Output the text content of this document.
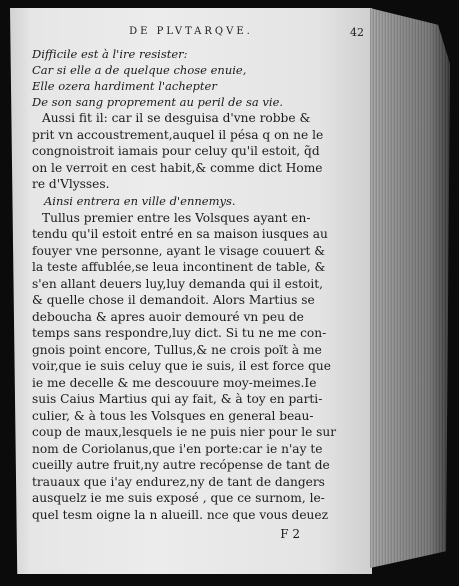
DE PLVTARQVE.	42
Difficile est à l'ire resister:
Car si elle a de quelque chose enuie,
Elle ozera hardiment l'achepter
De son sang proprement au peril de sa vie.
Aussi fit il: car il se desguisa d'vne robbe &
prit vn accoustrement,auquel il pésa q on ne le
congnoistroit iamais pour celuy qu'il estoit, q̃d
on le verroit en cest habit,& comme dict Home
re d'Vlysses.
Ainsi entrera en ville d'ennemys.
Tullus premier entre les Volsques ayant en-
tendu qu'il estoit entré en sa maison iusques au
fouyer vne personne, ayant le visage couuert &
la teste affublée,se leua incontinent de table, &
s'en allant deuers luy,luy demanda qui il estoit,
& quelle chose il demandoit. Alors Martius se
deboucha & apres auoir demouré vn peu de
temps sans respondre,luy dict. Si tu ne me con-
gnois point encore, Tullus,& ne crois poït à me
voir,que ie suis celuy que ie suis, il est force que
ie me decelle & me descouure moy-meimes.Ie
suis Caius Martius qui ay fait, & à toy en parti-
culier, & à tous les Volsques en general beau-
coup de maux,lesquels ie ne puis nier pour le sur
nom de Coriolanus,que i'en porte:car ie n'ay te
cueilly autre fruit,ny autre recópense de tant de
trauaux que i'ay endurez,ny de tant de dangers
ausquelz ie me suis exposé , que ce surnom, le-
quel tesm oigne la n alueill. nce que vous deuez
F 2
